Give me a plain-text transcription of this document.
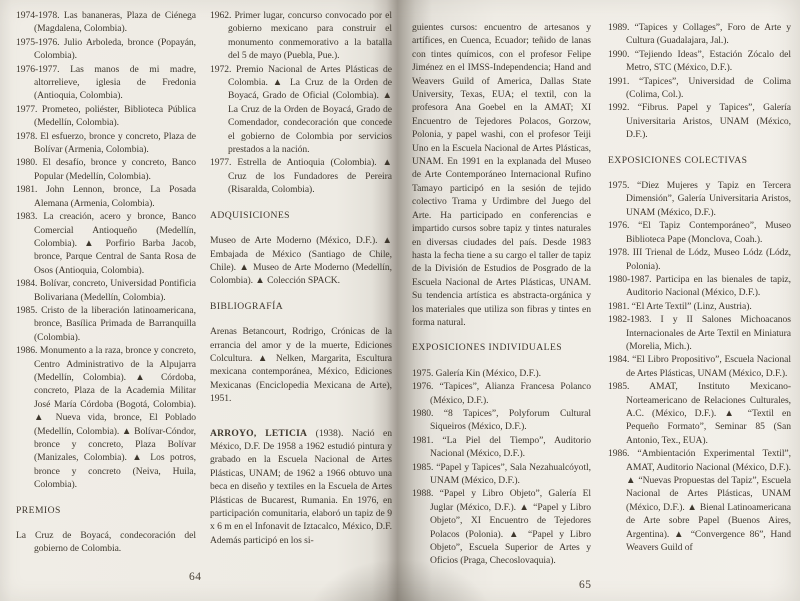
1974-1978. Las bananeras, Plaza de Ciénega (Magdalena, Colombia).

1975-1976. Julio Arboleda, bronce (Popayán, Colombia).

1976-1977. Las manos de mi madre, altorrelieve, iglesia de Fredonia (Antioquia, Colombia).

1977. Prometeo, poliéster, Biblioteca Pública (Medellín, Colombia).

1978. El esfuerzo, bronce y concreto, Plaza de Bolívar (Armenia, Colombia).

1980. El desafío, bronce y concreto, Banco Popular (Medellín, Colombia).

1981. John Lennon, bronce, La Posada Alemana (Armenia, Colombia).

1983. La creación, acero y bronce, Banco Comercial Antioqueño (Medellín, Colombia). ▲ Porfirio Barba Jacob, bronce, Parque Central de Santa Rosa de Osos (Antioquia, Colombia).

1984. Bolívar, concreto, Universidad Pontificia Bolivariana (Medellín, Colombia).

1985. Cristo de la liberación latinoamericana, bronce, Basílica Primada de Barranquilla (Colombia).

1986. Monumento a la raza, bronce y concreto, Centro Administrativo de la Alpujarra (Medellín, Colombia). ▲ Córdoba, concreto, Plaza de la Academia Militar José María Córdoba (Bogotá, Colombia). ▲ Nueva vida, bronce, El Poblado (Medellín, Colombia). ▲ Bolívar-Cóndor, bronce y concreto, Plaza Bolívar (Manizales, Colombia). ▲ Los potros, bronce y concreto (Neiva, Huila, Colombia).

PREMIOS

La Cruz de Boyacá, condecoración del gobierno de Colombia.

1962. Primer lugar, concurso convocado por el gobierno mexicano para construir el monumento conmemorativo a la batalla del 5 de mayo (Puebla, Pue.).

1972. Premio Nacional de Artes Plásticas de Colombia. ▲ La Cruz de la Orden de Boyacá, Grado de Oficial (Colombia). ▲ La Cruz de la Orden de Boyacá, Grado de Comendador, condecoración que concede el gobierno de Colombia por servicios prestados a la nación.

1977. Estrella de Antioquia (Colombia). ▲ Cruz de los Fundadores de Pereira (Risaralda, Colombia).

ADQUISICIONES

Museo de Arte Moderno (México, D.F.). ▲ Embajada de México (Santiago de Chile, Chile). ▲ Museo de Arte Moderno (Medellín, Colombia). ▲ Colección SPACK.

BIBLIOGRAFÍA

Arenas Betancourt, Rodrigo, Crónicas de la errancia del amor y de la muerte, Ediciones Colcultura. ▲ Nelken, Margarita, Escultura mexicana contemporánea, México, Ediciones Mexicanas (Enciclopedia Mexicana de Arte), 1951.

ARROYO, LETICIA (1938). Nació en México, D.F. De 1958 a 1962 estudió pintura y grabado en la Escuela Nacional de Artes Plásticas, UNAM; de 1962 a 1966 obtuvo una beca en diseño y textiles en la Escuela de Artes Plásticas de Bucarest, Rumania. En 1976, en participación comunitaria, elaboró un tapiz de 9 x 6 m en el Infonavit de Iztacalco, México, D.F. Además participó en los si-

guientes cursos: encuentro de artesanos y artífices, en Cuenca, Ecuador; teñido de lanas con tintes químicos, con el profesor Felipe Jiménez en el IMSS-Independencia; Hand and Weavers Guild of America, Dallas State University, Texas, EUA; el textil, con la profesora Ana Goebel en la AMAT; XI Encuentro de Tejedores Polacos, Gorzow, Polonia, y papel washi, con el profesor Teiji Uno en la Escuela Nacional de Artes Plásticas, UNAM. En 1991 en la explanada del Museo de Arte Contemporáneo Internacional Rufino Tamayo participó en la sesión de tejido colectivo Trama y Urdimbre del Juego del Arte. Ha participado en conferencias e impartido cursos sobre tapiz y tintes naturales en diversas ciudades del país. Desde 1983 hasta la fecha tiene a su cargo el taller de tapiz de la División de Estudios de Posgrado de la Escuela Nacional de Artes Plásticas, UNAM. Su tendencia artística es abstracta-orgánica y los materiales que utiliza son fibras y tintes en forma natural.

EXPOSICIONES INDIVIDUALES

1975. Galería Kin (México, D.F.).

1976. “Tapices”, Alianza Francesa Polanco (México, D.F.).

1980. “8 Tapices”, Polyforum Cultural Siqueiros (México, D.F.).

1981. “La Piel del Tiempo”, Auditorio Nacional (México, D.F.).

1985. “Papel y Tapices”, Sala Nezahualcóyotl, UNAM (México, D.F.).

1988. “Papel y Libro Objeto”, Galería El Juglar (México, D.F.). ▲ “Papel y Libro Objeto”, XI Encuentro de Tejedores Polacos (Polonia). ▲ “Papel y Libro Objeto”, Escuela Superior de Artes y Oficios (Praga, Checoslovaquia).

1989. “Tapices y Collages”, Foro de Arte y Cultura (Guadalajara, Jal.).

1990. “Tejiendo Ideas”, Estación Zócalo del Metro, STC (México, D.F.).

1991. “Tapices”, Universidad de Colima (Colima, Col.).

1992. “Fibrus. Papel y Tapices”, Galería Universitaria Aristos, UNAM (México, D.F.).

EXPOSICIONES COLECTIVAS

1975. “Diez Mujeres y Tapiz en Tercera Dimensión”, Galería Universitaria Aristos, UNAM (México, D.F.).

1976. “El Tapiz Contemporáneo”, Museo Biblioteca Pape (Monclova, Coah.).

1978. III Trienal de Lódz, Museo Lódz (Lódz, Polonia).

1980-1987. Participa en las bienales de tapiz, Auditorio Nacional (México, D.F.).

1981. “El Arte Textil” (Linz, Austria).

1982-1983. I y II Salones Michoacanos Internacionales de Arte Textil en Miniatura (Morelia, Mich.).

1984. “El Libro Propositivo”, Escuela Nacional de Artes Plásticas, UNAM (México, D.F.).

1985. AMAT, Instituto Mexicano-Norteamericano de Relaciones Culturales, A.C. (México, D.F.). ▲ “Textil en Pequeño Formato”, Seminar 85 (San Antonio, Tex., EUA).

1986. “Ambientación Experimental Textil”, AMAT, Auditorio Nacional (México, D.F.). ▲ “Nuevas Propuestas del Tapiz”, Escuela Nacional de Artes Plásticas, UNAM (México, D.F.). ▲ Bienal Latinoamericana de Arte sobre Papel (Buenos Aires, Argentina). ▲ “Convergence 86”, Hand Weavers Guild of

64
65
